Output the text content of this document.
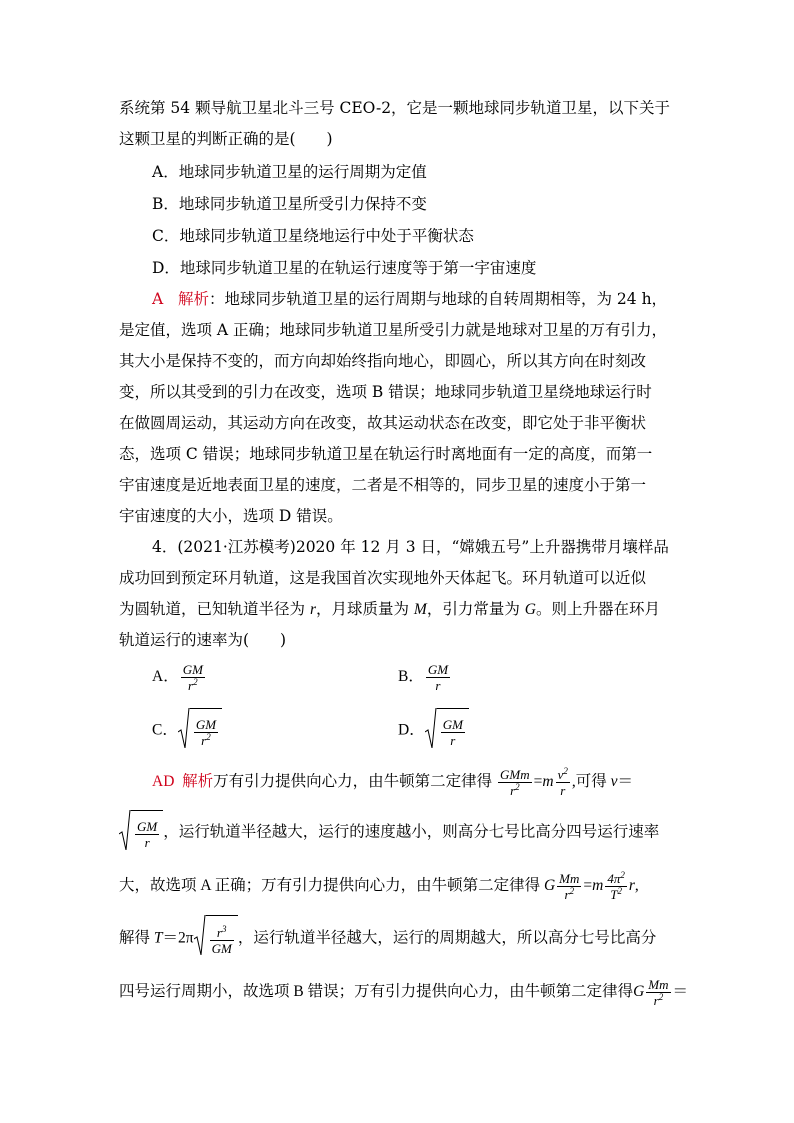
系统第 54 颗导航卫星北斗三号 CEO-2，它是一颗地球同步轨道卫星，以下关于
这颗卫星的判断正确的是(　　)
A．地球同步轨道卫星的运行周期为定值
B．地球同步轨道卫星所受引力保持不变
C．地球同步轨道卫星绕地运行中处于平衡状态
D．地球同步轨道卫星的在轨运行速度等于第一宇宙速度
A 解析：地球同步轨道卫星的运行周期与地球的自转周期相等，为 24 h，
是定值，选项 A 正确；地球同步轨道卫星所受引力就是地球对卫星的万有引力，
其大小是保持不变的，而方向却始终指向地心，即圆心，所以其方向在时刻改
变，所以其受到的引力在改变，选项 B 错误；地球同步轨道卫星绕地球运行时
在做圆周运动，其运动方向在改变，故其运动状态在改变，即它处于非平衡状
态，选项 C 错误；地球同步轨道卫星在轨运行时离地面有一定的高度，而第一
宇宙速度是近地表面卫星的速度，二者是不相等的，同步卫星的速度小于第一
宇宙速度的大小，选项 D 错误。
4．(2021·江苏模考)2020 年 12 月 3 日，“嫦娥五号”上升器携带月壤样品
成功回到预定环月轨道，这是我国首次实现地外天体起飞。环月轨道可以近似
为圆轨道，已知轨道半径为 r，月球质量为 M，引力常量为 G。则上升器在环月
轨道运行的速率为(　　)
A． $\frac{GM}{r^2}$	B． $\frac{GM}{r}$
C． $\frac{GM}{r^2}$	D． $\frac{GM}{r}$
AD 解析万有引力提供向心力，由牛顿第二定律得 $\frac{\text{GMm}}{r^2} =m \frac{v^2}{r}$ ,可得 v＝
$\frac{GM}{r}$ ，运行轨道半径越大，运行的速度越小，则高分七号比高分四号运行速率
大，故选项 A 正确；万有引力提供向心力，由牛顿第二定律得 G $\frac{Mm}{r^2} =m \frac{4\pi^2}{T^2} r$,
解得 $T=2\pi \frac{r^3}{GM}$ ，运行轨道半径越大，运行的周期越大，所以高分七号比高分
四号运行周期小，故选项 B 错误；万有引力提供向心力，由牛顿第二定律得G $\frac{Mm}{r^2}$ ＝
